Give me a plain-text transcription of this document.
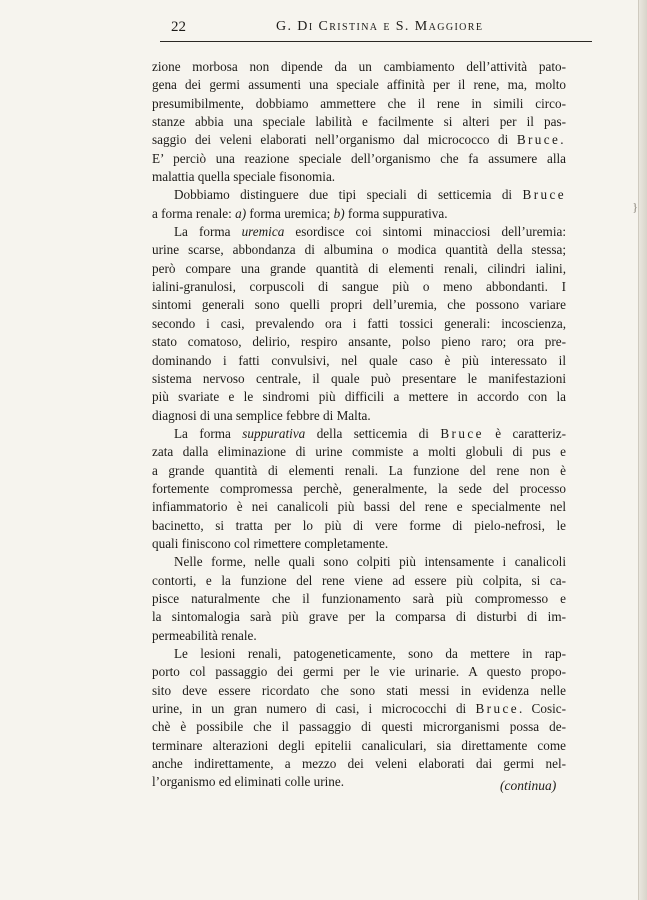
}
22	G. Di Cristina e S. Maggiore
zione morbosa non dipende da un cambiamento dell’attività pato-
gena dei germi assumenti una speciale affinità per il rene, ma, molto
presumibilmente, dobbiamo ammettere che il rene in simili circo-
stanze abbia una speciale labilità e facilmente si alteri per il pas-
saggio dei veleni elaborati nell’organismo dal micrococco di Bruce.
E’ perciò una reazione speciale dell’organismo che fa assumere alla
malattia quella speciale fisonomia.
Dobbiamo distinguere due tipi speciali di setticemia di Bruce
a forma renale: a) forma uremica; b) forma suppurativa.
La forma uremica esordisce coi sintomi minacciosi dell’uremia:
urine scarse, abbondanza di albumina o modica quantità della stessa;
però compare una grande quantità di elementi renali, cilindri ialini,
ialini-granulosi, corpuscoli di sangue più o meno abbondanti. I
sintomi generali sono quelli propri dell’uremia, che possono variare
secondo i casi, prevalendo ora i fatti tossici generali: incoscienza,
stato comatoso, delirio, respiro ansante, polso pieno raro; ora pre-
dominando i fatti convulsivi, nel quale caso è più interessato il
sistema nervoso centrale, il quale può presentare le manifestazioni
più svariate e le sindromi più difficili a mettere in accordo con la
diagnosi di una semplice febbre di Malta.
La forma suppurativa della setticemia di Bruce è caratteriz-
zata dalla eliminazione di urine commiste a molti globuli di pus e
a grande quantità di elementi renali. La funzione del rene non è
fortemente compromessa perchè, generalmente, la sede del processo
infiammatorio è nei canalicoli più bassi del rene e specialmente nel
bacinetto, si tratta per lo più di vere forme di pielo-nefrosi, le
quali finiscono col rimettere completamente.
Nelle forme, nelle quali sono colpiti più intensamente i canalicoli
contorti, e la funzione del rene viene ad essere più colpita, si ca-
pisce naturalmente che il funzionamento sarà più compromesso e
la sintomalogia sarà più grave per la comparsa di disturbi di im-
permeabilità renale.
Le lesioni renali, patogeneticamente, sono da mettere in rap-
porto col passaggio dei germi per le vie urinarie. A questo propo-
sito deve essere ricordato che sono stati messi in evidenza nelle
urine, in un gran numero di casi, i micrococchi di Bruce. Cosic-
chè è possibile che il passaggio di questi microrganismi possa de-
terminare alterazioni degli epitelii canaliculari, sia direttamente come
anche indirettamente, a mezzo dei veleni elaborati dai germi nel-
l’organismo ed eliminati colle urine.	(continua)
